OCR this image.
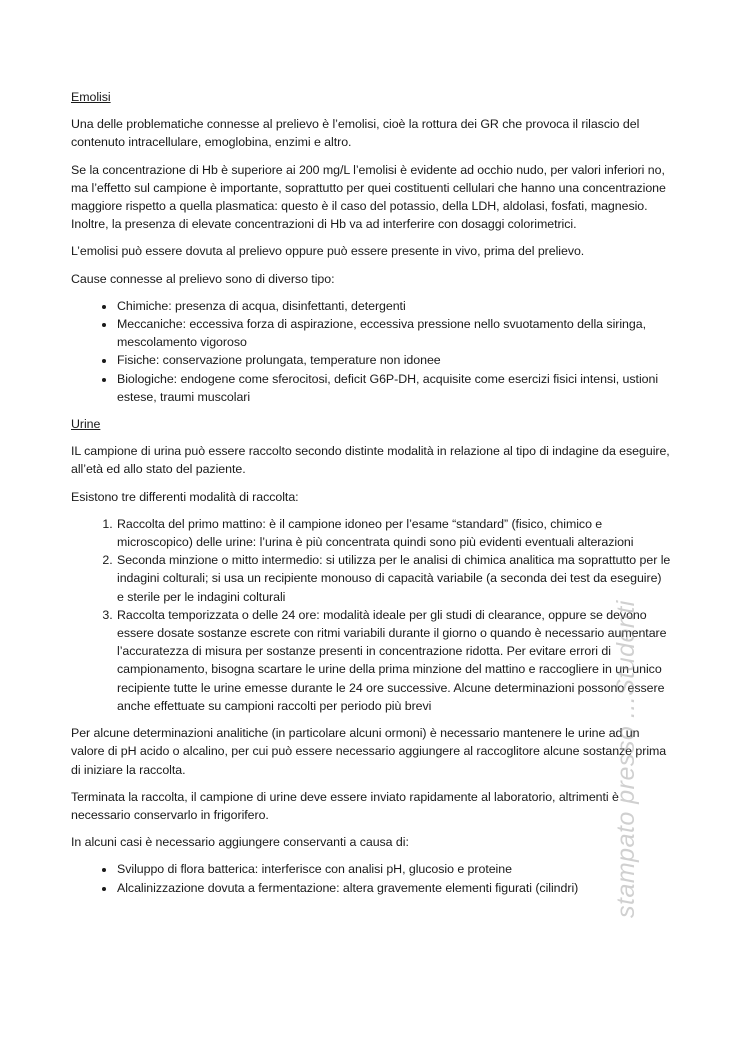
Emolisi

Una delle problematiche connesse al prelievo è l’emolisi, cioè la rottura dei GR che provoca il rilascio del contenuto intracellulare, emoglobina, enzimi e altro.

Se la concentrazione di Hb è superiore ai 200 mg/L l’emolisi è evidente ad occhio nudo, per valori inferiori no, ma l’effetto sul campione è importante, soprattutto per quei costituenti cellulari che hanno una concentrazione maggiore rispetto a quella plasmatica: questo è il caso del potassio, della LDH, aldolasi, fosfati, magnesio. Inoltre, la presenza di elevate concentrazioni di Hb va ad interferire con dosaggi colorimetrici.

L’emolisi può essere dovuta al prelievo oppure può essere presente in vivo, prima del prelievo.

Cause connesse al prelievo sono di diverso tipo:

• Chimiche: presenza di acqua, disinfettanti, detergenti
• Meccaniche: eccessiva forza di aspirazione, eccessiva pressione nello svuotamento della siringa, mescolamento vigoroso
• Fisiche: conservazione prolungata, temperature non idonee
• Biologiche: endogene come sferocitosi, deficit G6P-DH, acquisite come esercizi fisici intensi, ustioni estese, traumi muscolari
Urine

IL campione di urina può essere raccolto secondo distinte modalità in relazione al tipo di indagine da eseguire, all’età ed allo stato del paziente.

Esistono tre differenti modalità di raccolta:

1. Raccolta del primo mattino: è il campione idoneo per l’esame “standard” (fisico, chimico e microscopico) delle urine: l’urina è più concentrata quindi sono più evidenti eventuali alterazioni
2. Seconda minzione o mitto intermedio: si utilizza per le analisi di chimica analitica ma soprattutto per le indagini colturali; si usa un recipiente monouso di capacità variabile (a seconda dei test da eseguire) e sterile per le indagini colturali
3. Raccolta temporizzata o delle 24 ore: modalità ideale per gli studi di clearance, oppure se devono essere dosate sostanze escrete con ritmi variabili durante il giorno o quando è necessario aumentare l’accuratezza di misura per sostanze presenti in concentrazione ridotta. Per evitare errori di campionamento, bisogna scartare le urine della prima minzione del mattino e raccogliere in un unico recipiente tutte le urine emesse durante le 24 ore successive. Alcune determinazioni possono essere anche effettuate su campioni raccolti per periodo più brevi

Per alcune determinazioni analitiche (in particolare alcuni ormoni) è necessario mantenere le urine ad un valore di pH acido o alcalino, per cui può essere necessario aggiungere al raccoglitore alcune sostanze prima di iniziare la raccolta.

Terminata la raccolta, il campione di urine deve essere inviato rapidamente al laboratorio, altrimenti è necessario conservarlo in frigorifero.

In alcuni casi è necessario aggiungere conservanti a causa di:

• Sviluppo di flora batterica: interferisce con analisi pH, glucosio e proteine
• Alcalinizzazione dovuta a fermentazione: altera gravemente elementi figurati (cilindri)	stampato presso ...Studenti
